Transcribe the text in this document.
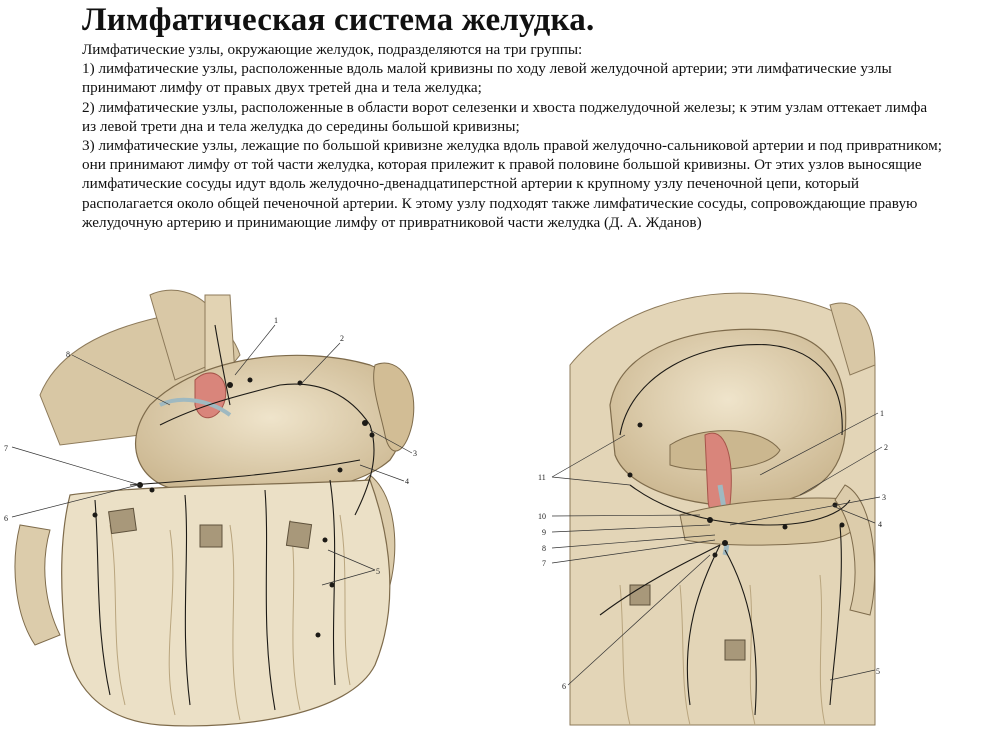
Лимфатическая система желудка.

Лимфатические узлы, окружающие желудок, подразделяются на три группы:

1) лимфатические узлы, расположенные вдоль малой кривизны по ходу левой желудочной артерии; эти лимфатические узлы принимают лимфу от правых двух третей дна и тела желудка;

2) лимфатические узлы, расположенные в области ворот селезенки и хвоста поджелудочной железы; к этим узлам оттекает лимфа из левой трети дна и тела желудка до середины большой кривизны;

3) лимфатические узлы, лежащие по большой кривизне желудка вдоль правой желудочно-сальниковой артерии и под привратником; они принимают лимфу от той части желудка, которая прилежит к правой половине большой кривизны. От этих узлов выносящие лимфатические сосуды идут вдоль желудочно-двенадцатиперстной артерии к крупному узлу печеночной цепи, который располагается около общей печеночной артерии. К этому узлу подходят также лимфатические сосуды, сопровождающие правую желудочную артерию и принимающие лимфу от привратниковой части желудка (Д. А. Жданов)

1
2
3
4
5
6
7
8
1
2
3
4
5
6
7
8
9
10
11
